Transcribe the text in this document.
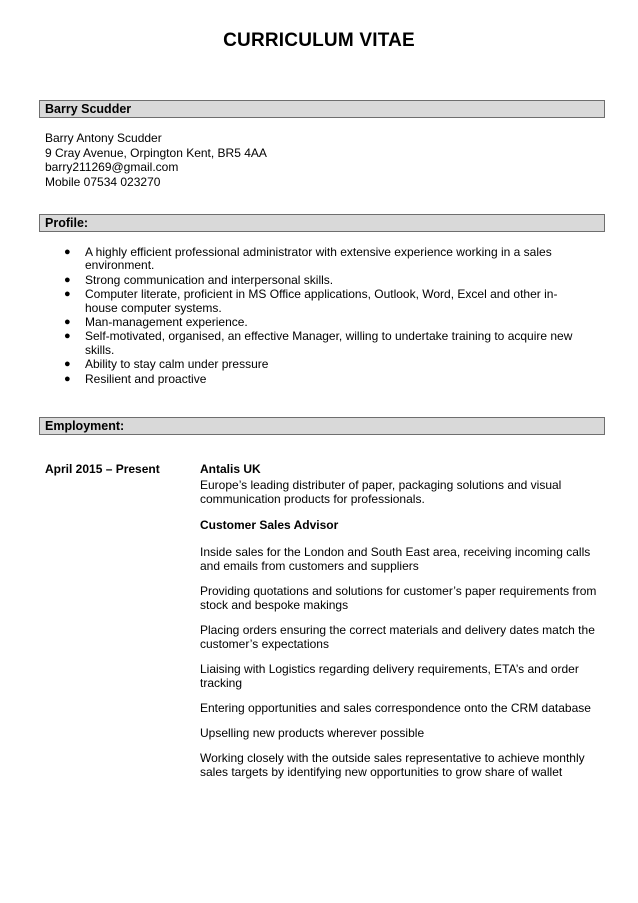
CURRICULUM VITAE
Barry Scudder
Barry Antony Scudder
9 Cray Avenue, Orpington Kent, BR5 4AA
barry211269@gmail.com
Mobile 07534 023270
Profile:
● A highly efficient professional administrator with extensive experience working in a sales environment.
● Strong communication and interpersonal skills.
● Computer literate, proficient in MS Office applications, Outlook, Word, Excel and other in-house computer systems.
● Man-management experience.
● Self-motivated, organised, an effective Manager, willing to undertake training to acquire new skills.
● Ability to stay calm under pressure
● Resilient and proactive
Employment:
April 2015 – Present	Antalis UK
Europe’s leading distributer of paper, packaging solutions and visual communication products for professionals.
Customer Sales Advisor
Inside sales for the London and South East area, receiving incoming calls and emails from customers and suppliers
Providing quotations and solutions for customer’s paper requirements from stock and bespoke makings
Placing orders ensuring the correct materials and delivery dates match the customer’s expectations
Liaising with Logistics regarding delivery requirements, ETA’s and order tracking
Entering opportunities and sales correspondence onto the CRM database
Upselling new products wherever possible
Working closely with the outside sales representative to achieve monthly sales targets by identifying new opportunities to grow share of wallet
